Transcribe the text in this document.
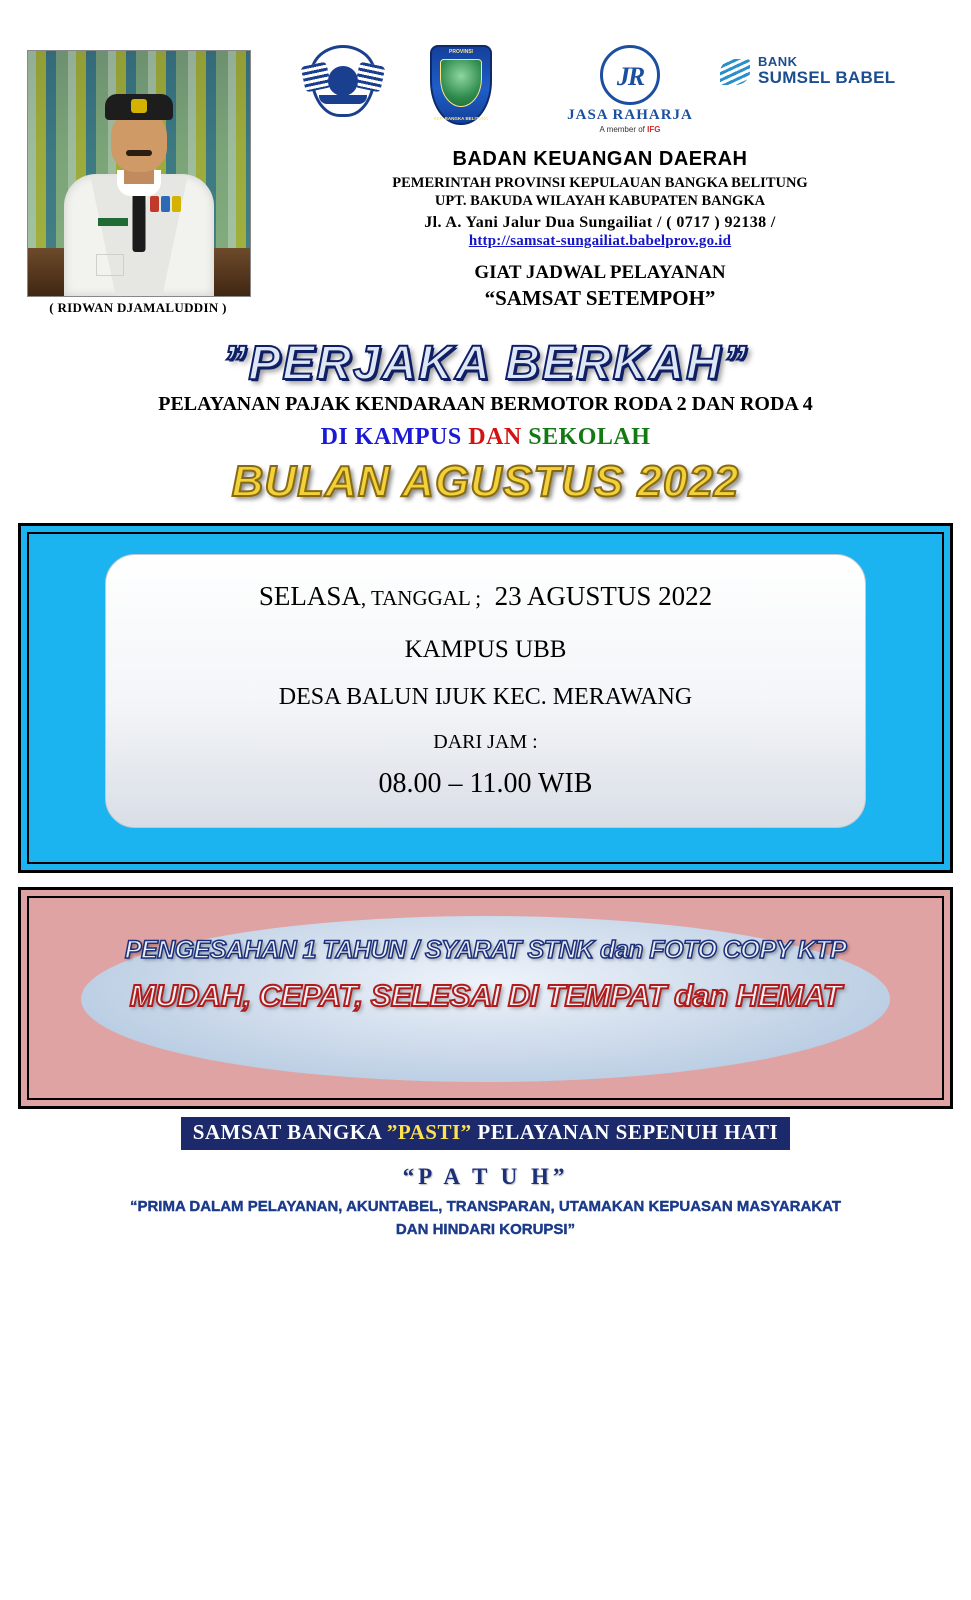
( RIDWAN DJAMALUDDIN )
PROVINSI
KEP. BANGKA BELITUNG
JR	JASA RAHARJA
A member of IFG
BANK
SUMSEL BABEL
BADAN KEUANGAN DAERAH
PEMERINTAH PROVINSI KEPULAUAN BANGKA BELITUNG
UPT. BAKUDA WILAYAH KABUPATEN BANGKA
Jl. A. Yani Jalur Dua Sungailiat / ( 0717 ) 92138 /
http://samsat-sungailiat.babelprov.go.id
GIAT JADWAL PELAYANAN
“SAMSAT SETEMPOH”
”PERJAKA BERKAH”
PELAYANAN PAJAK KENDARAAN BERMOTOR RODA 2 DAN RODA 4
DI KAMPUS DAN SEKOLAH
BULAN AGUSTUS 2022
SELASA, TANGGAL ; 23 AGUSTUS 2022
KAMPUS UBB
DESA BALUN IJUK KEC. MERAWANG
DARI JAM :
08.00 – 11.00 WIB
PENGESAHAN 1 TAHUN / SYARAT STNK dan FOTO COPY KTP
MUDAH, CEPAT, SELESAI DI TEMPAT dan HEMAT
SAMSAT BANGKA ”PASTI” PELAYANAN SEPENUH HATI
“P A T U H”
“PRIMA DALAM PELAYANAN, AKUNTABEL, TRANSPARAN, UTAMAKAN KEPUASAN MASYARAKAT
DAN HINDARI KORUPSI”
